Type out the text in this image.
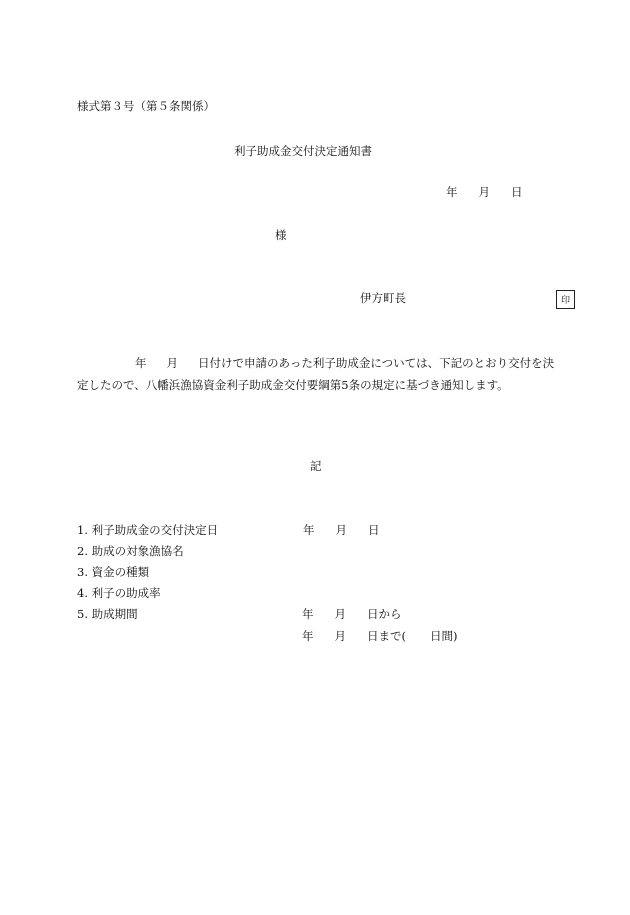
様式第３号（第５条関係）
利子助成金交付決定通知書
年 月 日
様
伊方町長	印
年 月 日付けで申請のあった利子助成金については、下記のとおり交付を決定したので、八幡浜漁協資金利子助成金交付要綱第5条の規定に基づき通知します。
記
1. 利子助成金の交付決定日	年 月 日
2. 助成の対象漁協名
3. 資金の種類
4. 利子の助成率
5. 助成期間	年 月 日から
年 月 日まで( 日間)
